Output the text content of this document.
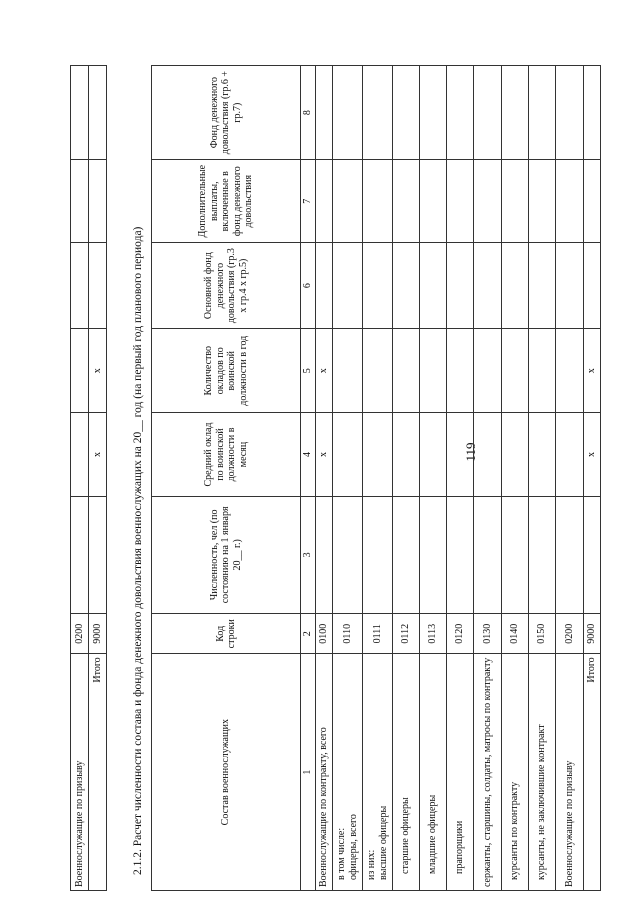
Военнослужащие по призыву	0200						
Итого	9000		x	x			
119
2.1.2. Расчет численности состава и фонда денежного довольствия военнослужащих на 20__ год (на первый год планового периода)	Состав военнослужащих	Код строки	Численность, чел (по состоянию на 1 января 20__ г.)	Средний оклад по воинской должности в месяц	Количество окладов по воинской должности в год	Основной фонд денежного довольствия (гр.3 х гр.4 х гр.5)	Дополнительные выплаты, включенные в фонд денежного довольствия	Фонд денежного довольствия (гр.6 + гр.7)
1	2	3	4	5	6	7	8

Военнослужащие по контракту, всего	0100		x	x			

в том числе: офицеры, всего	0110						

из них: высшие офицеры	0111						

старшие офицеры	0112						

младшие офицеры	0113						

прапорщики	0120						

сержанты, старшины, солдаты, матросы по контракту	0130						

курсанты по контракту	0140						

курсанты, не заключившие контракт	0150						

Военнослужащие по призыву	0200						

Итого	9000		x	x			
